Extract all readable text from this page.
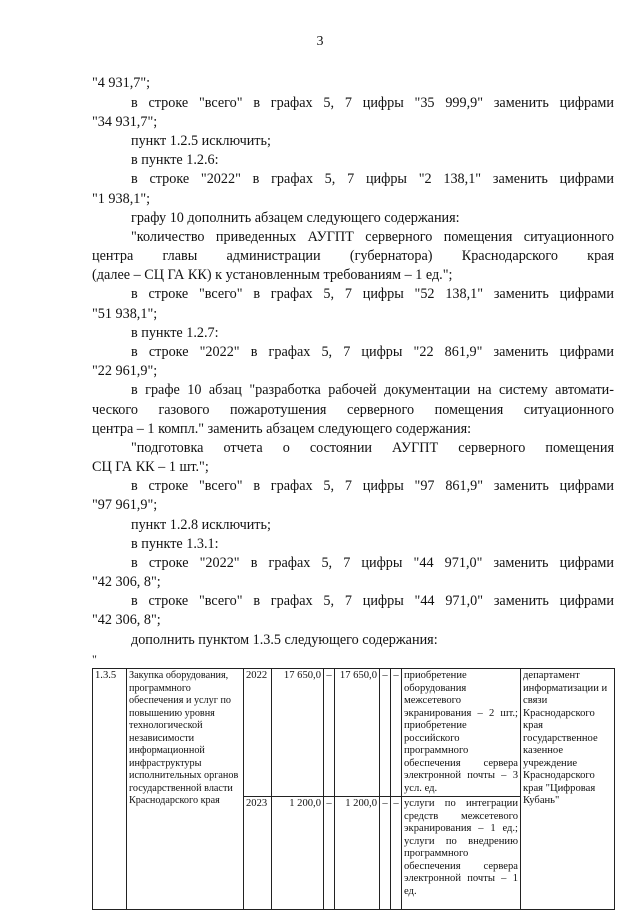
3
"4 931,7";
в строке "всего" в графах 5, 7 цифры "35 999,9" заменить цифрами
"34 931,7";
пункт 1.2.5 исключить;
в пункте 1.2.6:
в строке "2022" в графах 5, 7 цифры "2 138,1" заменить цифрами
"1 938,1";
графу 10 дополнить абзацем следующего содержания:
"количество приведенных АУГПТ серверного помещения ситуационного
центра главы администрации (губернатора) Краснодарского края
(далее – СЦ ГА КК) к установленным требованиям – 1 ед.";
в строке "всего" в графах 5, 7 цифры "52 138,1" заменить цифрами
"51 938,1";
в пункте 1.2.7:
в строке "2022" в графах 5, 7 цифры "22 861,9" заменить цифрами
"22 961,9";
в графе 10 абзац "разработка рабочей документации на систему автомати-
ческого газового пожаротушения серверного помещения ситуационного
центра – 1 компл." заменить абзацем следующего содержания:
"подготовка отчета о состоянии АУГПТ серверного помещения
СЦ ГА КК – 1 шт.";
в строке "всего" в графах 5, 7 цифры "97 861,9" заменить цифрами
"97 961,9";
пункт 1.2.8 исключить;
в пункте 1.3.1:
в строке "2022" в графах 5, 7 цифры "44 971,0" заменить цифрами
"42 306, 8";
в строке "всего" в графах 5, 7 цифры "44 971,0" заменить цифрами
"42 306, 8";
дополнить пунктом 1.3.5 следующего содержания:
"
1.3.5	Закупка оборудования, программного обеспечения и услуг по повышению уровня технологической независимости информационной инфраструктуры исполнительных органов государственной власти Краснодарского края	2022	17 650,0	–	17 650,0	–	–	приобретение оборудования межсетевого экранирования – 2 шт.; приобретение российского программного обеспечения сервера электронной почты – 3 усл. ед.	департамент информатизации и связи Краснодарского края государственное казенное учреждение Краснодарского края "Цифровая Кубань"
		2023	1 200,0	–	1 200,0	–	–	услуги по интеграции средств межсетевого экранирования – 1 ед.; услуги по внедрению программного обеспечения сервера электронной почты – 1 ед.	
